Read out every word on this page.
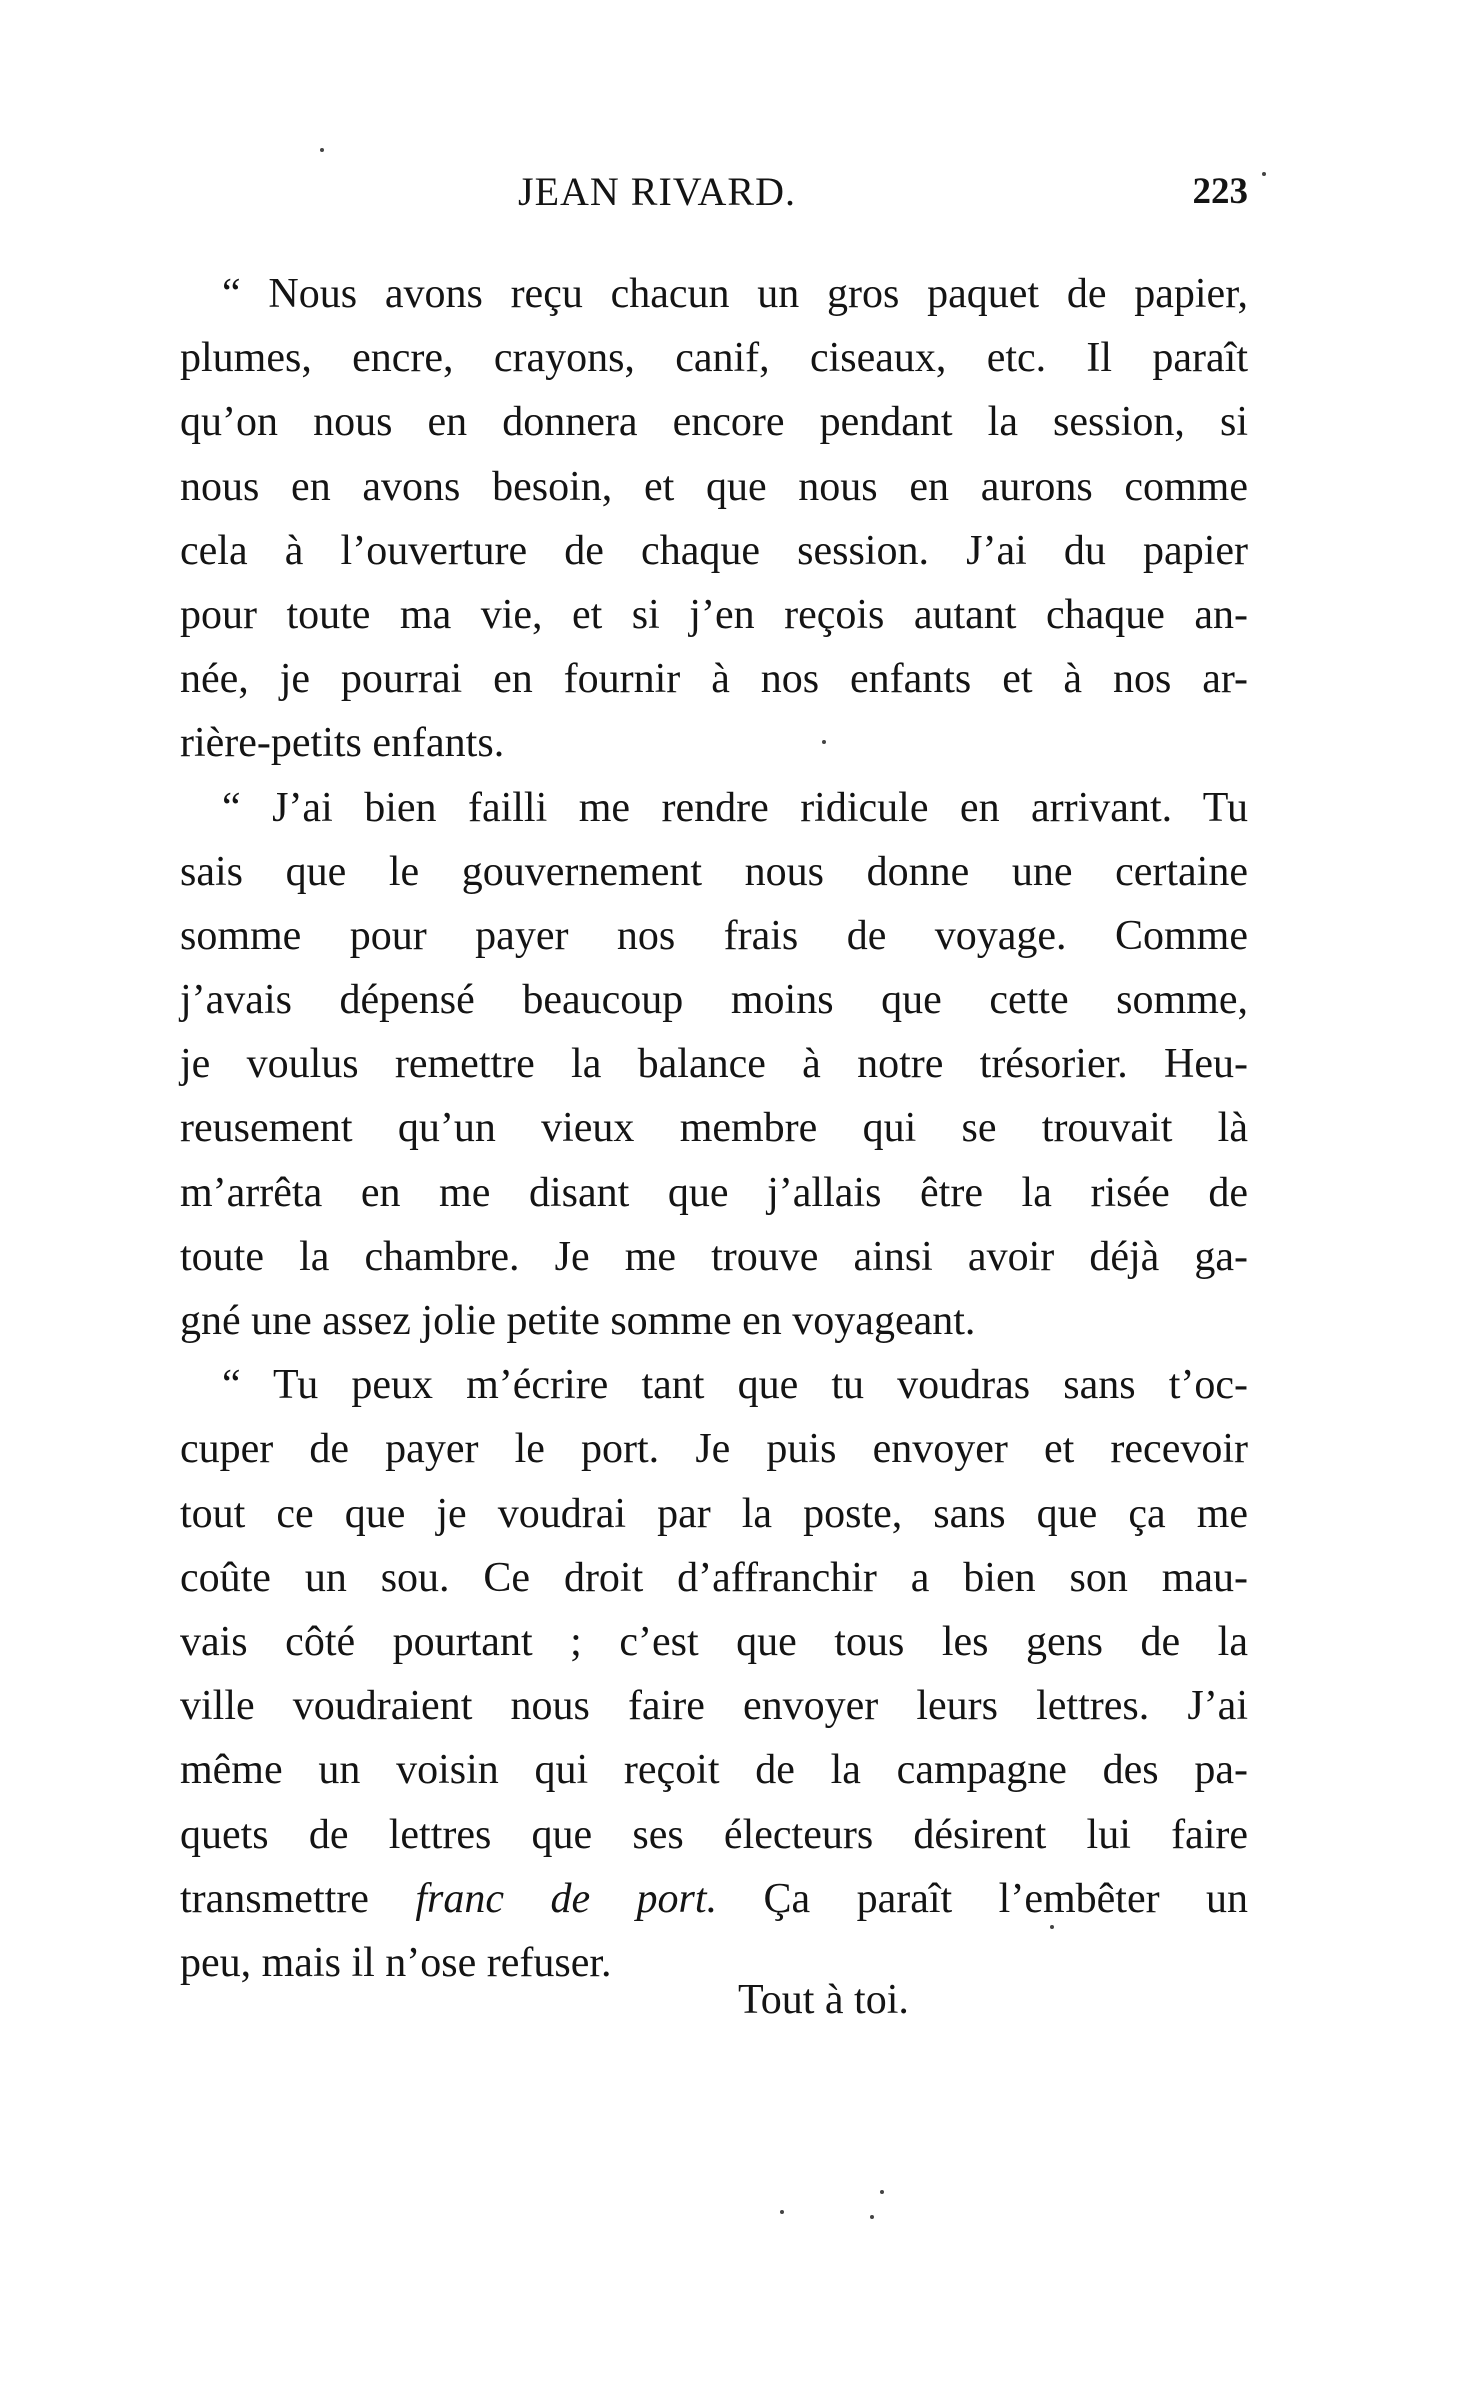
JEAN RIVARD.	223
“ Nous avons reçu chacun un gros paquet de papier,
plumes, encre, crayons, canif, ciseaux, etc. Il paraît
qu’on nous en donnera encore pendant la session, si
nous en avons besoin, et que nous en aurons comme
cela à l’ouverture de chaque session. J’ai du papier
pour toute ma vie, et si j’en reçois autant chaque an-
née, je pourrai en fournir à nos enfants et à nos ar-
rière-petits enfants.
“ J’ai bien failli me rendre ridicule en arrivant. Tu
sais que le gouvernement nous donne une certaine
somme pour payer nos frais de voyage. Comme
j’avais dépensé beaucoup moins que cette somme,
je voulus remettre la balance à notre trésorier. Heu-
reusement qu’un vieux membre qui se trouvait là
m’arrêta en me disant que j’allais être la risée de
toute la chambre. Je me trouve ainsi avoir déjà ga-
gné une assez jolie petite somme en voyageant.
“ Tu peux m’écrire tant que tu voudras sans t’oc-
cuper de payer le port. Je puis envoyer et recevoir
tout ce que je voudrai par la poste, sans que ça me
coûte un sou. Ce droit d’affranchir a bien son mau-
vais côté pourtant ; c’est que tous les gens de la
ville voudraient nous faire envoyer leurs lettres. J’ai
même un voisin qui reçoit de la campagne des pa-
quets de lettres que ses électeurs désirent lui faire
transmettre franc de port. Ça paraît l’embêter un
peu, mais il n’ose refuser.
Tout à toi.
